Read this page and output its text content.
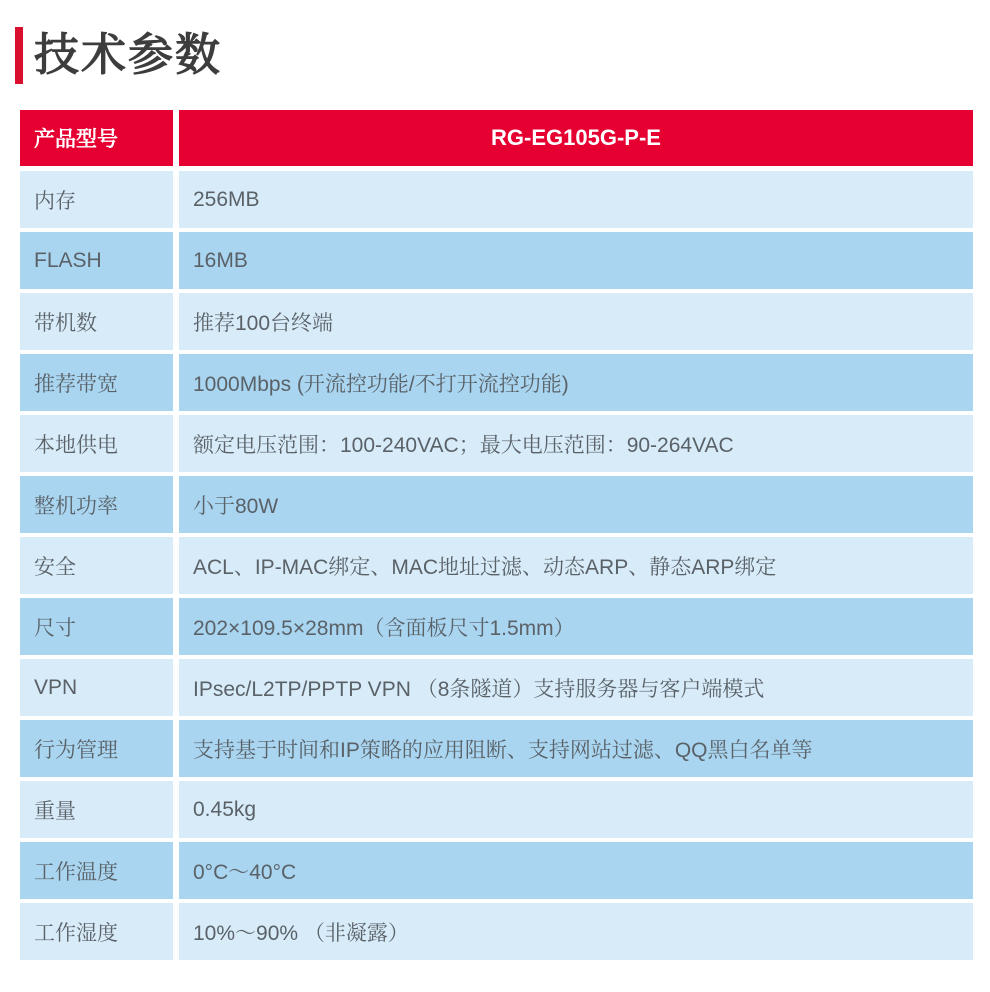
技术参数
产品型号	RG-EG105G-P-E
内存	256MB
FLASH	16MB
带机数	推荐100台终端
推荐带宽	1000Mbps (开流控功能/不打开流控功能)
本地供电	额定电压范围：100-240VAC；最大电压范围：90-264VAC
整机功率	小于80W
安全	ACL、IP-MAC绑定、MAC地址过滤、动态ARP、静态ARP绑定
尺寸	202×109.5×28mm（含面板尺寸1.5mm）
VPN	IPsec/L2TP/PPTP VPN （8条隧道）支持服务器与客户端模式
行为管理	支持基于时间和IP策略的应用阻断、支持网站过滤、QQ黑白名单等
重量	0.45kg
工作温度	0°C～40°C
工作湿度	10%～90% （非凝露）
